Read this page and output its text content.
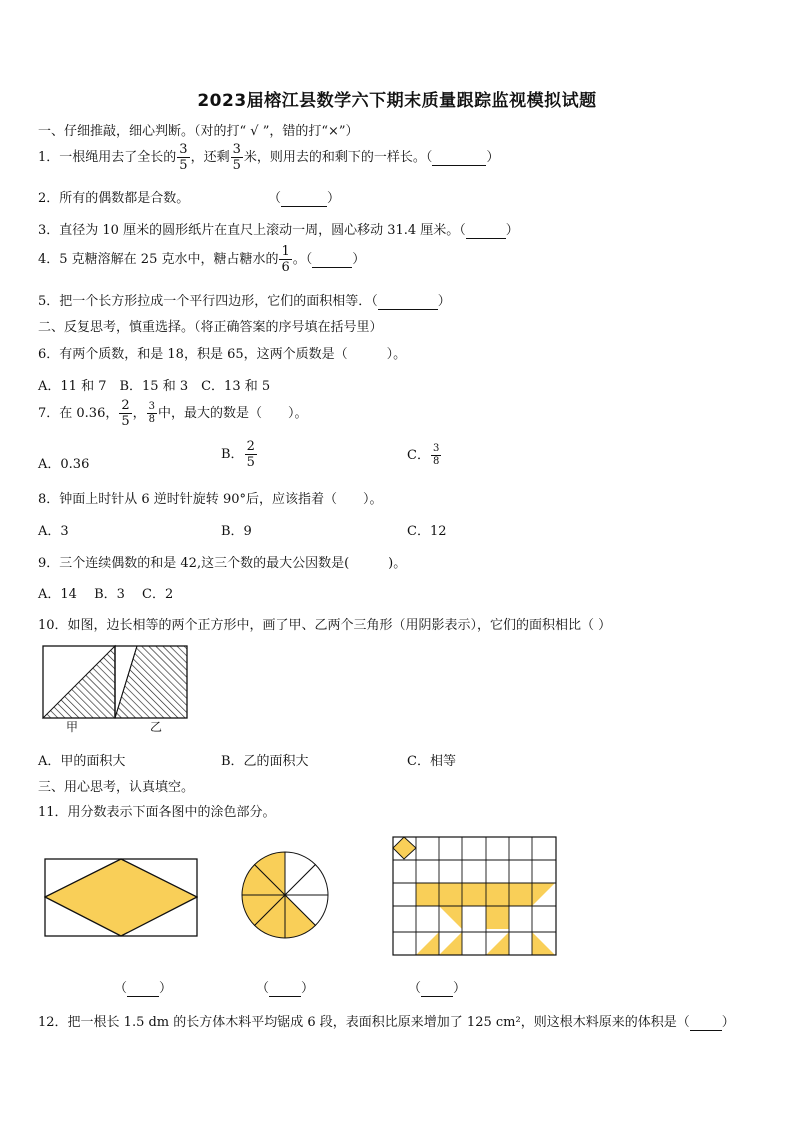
2023届榕江县数学六下期末质量跟踪监视模拟试题
一、仔细推敲，细心判断。（对的打“ √ ”，错的打“×”）
1．一根绳用去了全长的 $\frac{3}{5}$ ，还剩 $\frac{3}{5}$ 米，则用去的和剩下的一样长。（	）
2．所有的偶数都是合数。	（	）
3．直径为 10 厘米的圆形纸片在直尺上滚动一周，圆心移动 31.4 厘米。（	）
4．5 克糖溶解在 25 克水中，糖占糖水的 $\frac{1}{6}$ 。（	）
5．把一个长方形拉成一个平行四边形，它们的面积相等．（	）
二、反复思考，慎重选择。（将正确答案的序号填在括号里）
6．有两个质数，和是 18，积是 65，这两个质数是（　　　）。
A．11 和 7　B．15 和 3　C．13 和 5
7．在 0.36， $\frac{2}{5}$ ， $\frac{3}{8}$ 中，最大的数是（　　）。
A．0.36
B． $\frac{2}{5}$	C． $\frac{3}{8}$
8．钟面上时针从 6 逆时针旋转 90°后，应该指着（　　）。
A．3	B．9	C．12
9．三个连续偶数的和是 42,这三个数的最大公因数是(　　　)。
A．14　 B．3　 C．2
10．如图，边长相等的两个正方形中，画了甲、乙两个三角形（用阴影表示），它们的面积相比（ ）
甲	乙
A．甲的面积大	B．乙的面积大	C．相等
三、用心思考，认真填空。
11．用分数表示下面各图中的涂色部分。
（ ）	（ ）	（ ）
12．把一根长 1.5 dm 的长方体木料平均锯成 6 段，表面积比原来增加了 125 cm²，则这根木料原来的体积是（ ）
